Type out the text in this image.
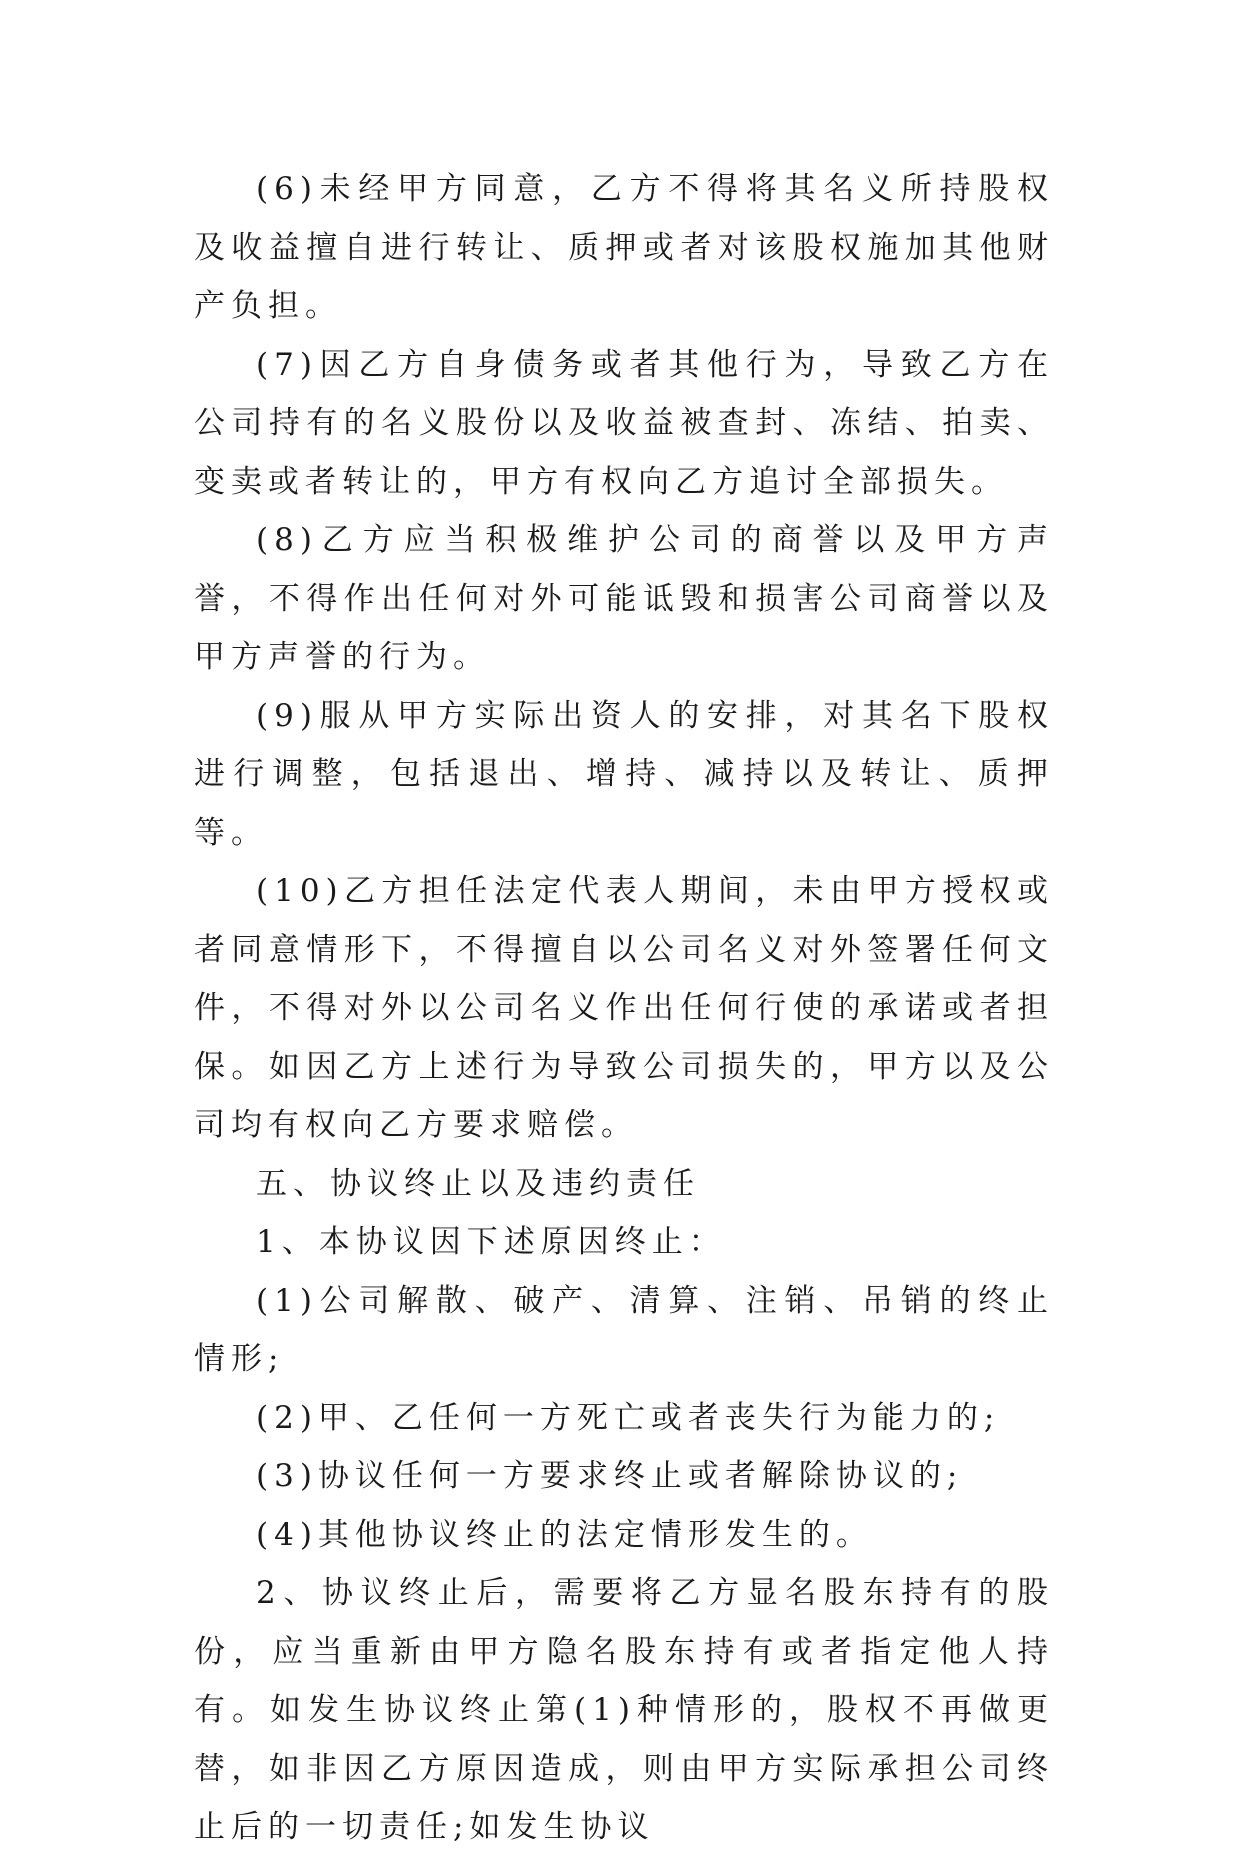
(6)未经甲方同意，乙方不得将其名义所持股权及收益擅自进行转让、质押或者对该股权施加其他财产负担。

(7)因乙方自身债务或者其他行为，导致乙方在公司持有的名义股份以及收益被查封、冻结、拍卖、变卖或者转让的，甲方有权向乙方追讨全部损失。

(8)乙方应当积极维护公司的商誉以及甲方声誉，不得作出任何对外可能诋毁和损害公司商誉以及甲方声誉的行为。

(9)服从甲方实际出资人的安排，对其名下股权进行调整，包括退出、增持、减持以及转让、质押等。

(10)乙方担任法定代表人期间，未由甲方授权或者同意情形下，不得擅自以公司名义对外签署任何文件，不得对外以公司名义作出任何行使的承诺或者担保。如因乙方上述行为导致公司损失的，甲方以及公司均有权向乙方要求赔偿。

五、协议终止以及违约责任

1、本协议因下述原因终止：

(1)公司解散、破产、清算、注销、吊销的终止情形;

(2)甲、乙任何一方死亡或者丧失行为能力的;

(3)协议任何一方要求终止或者解除协议的;

(4)其他协议终止的法定情形发生的。

2、协议终止后，需要将乙方显名股东持有的股份，应当重新由甲方隐名股东持有或者指定他人持有。如发生协议终止第(1)种情形的，股权不再做更替，如非因乙方原因造成，则由甲方实际承担公司终止后的一切责任;如发生协议
